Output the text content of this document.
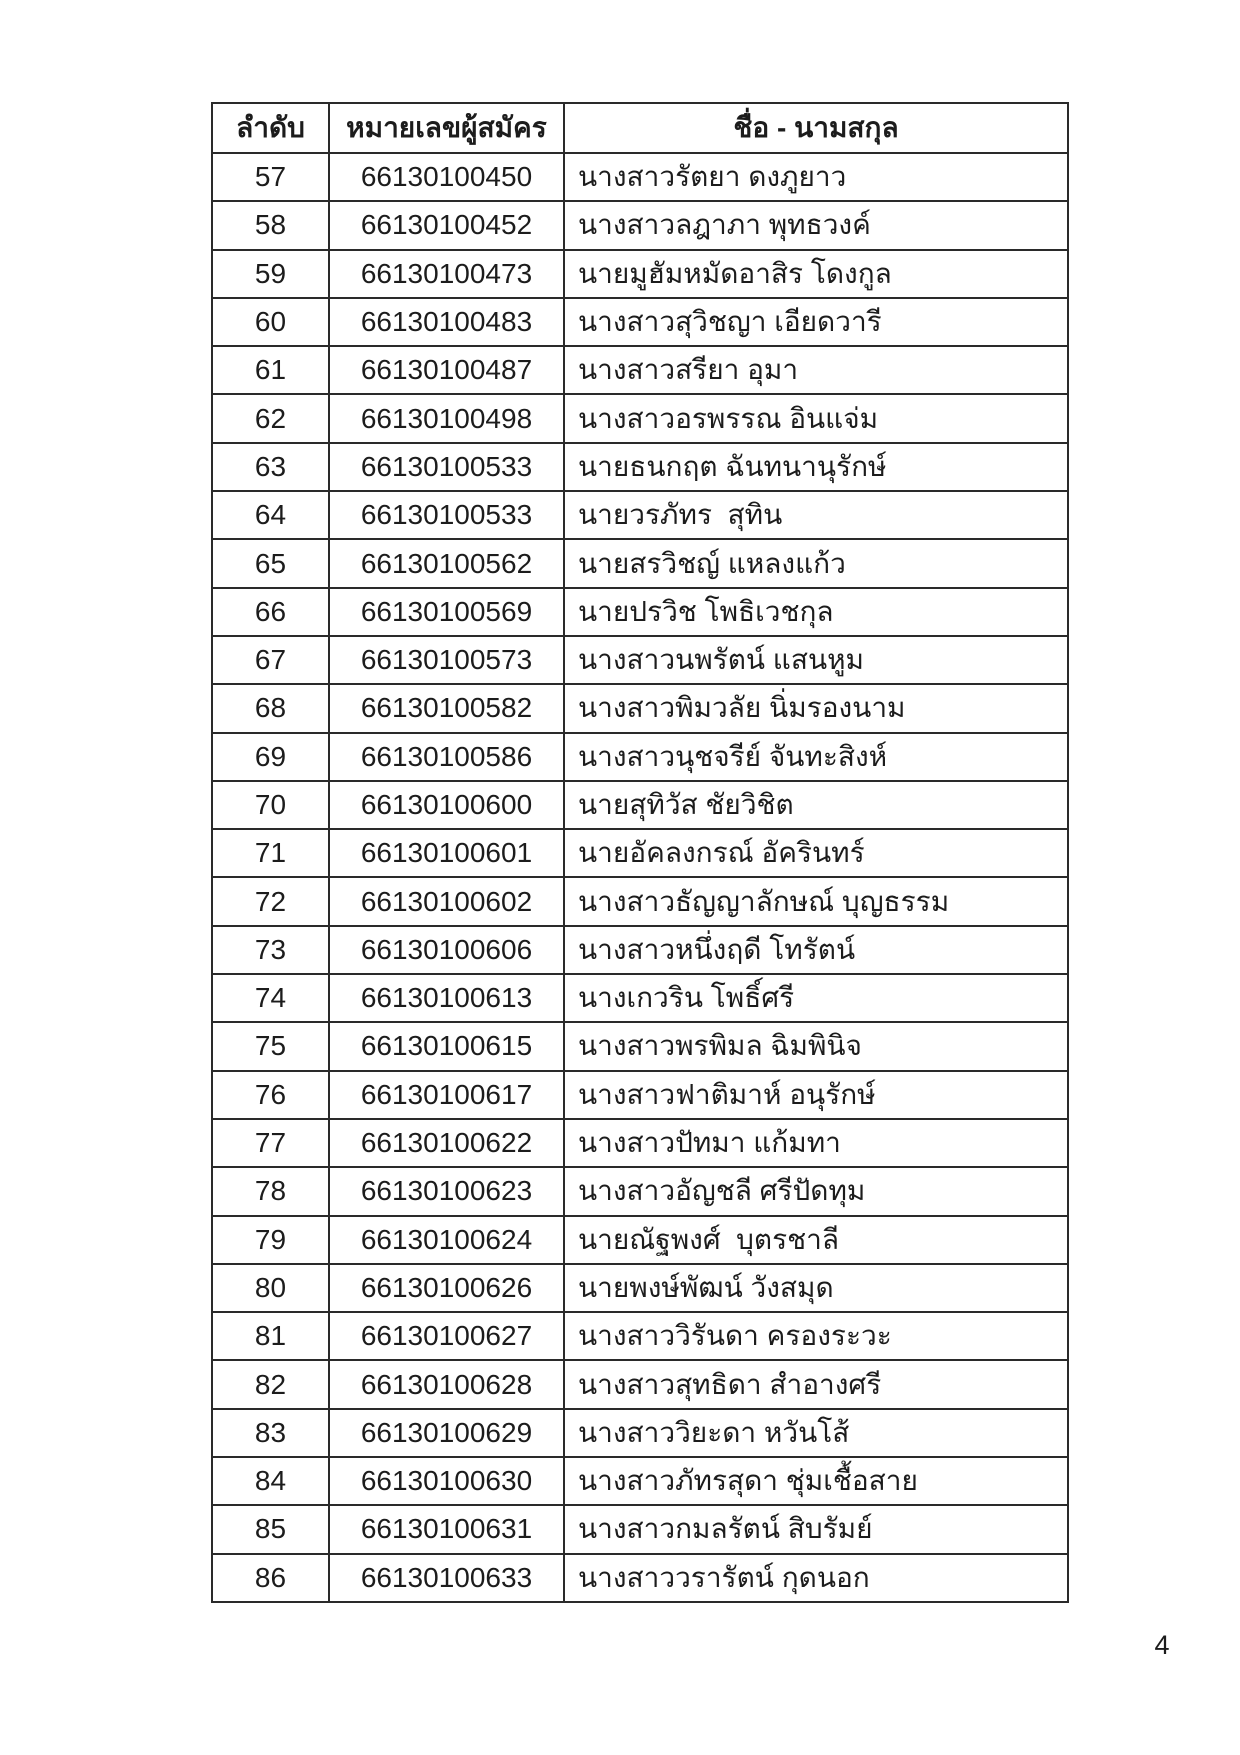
ลำดับ	หมายเลขผู้สมัคร	ชื่อ - นามสกุล
57	66130100450	นางสาวรัตยา ดงภูยาว
58	66130100452	นางสาวลฎาภา พุทธวงค์
59	66130100473	นายมูฮัมหมัดอาสิร โดงกูล
60	66130100483	นางสาวสุวิชญา เอียดวารี
61	66130100487	นางสาวสรียา อุมา
62	66130100498	นางสาวอรพรรณ อินแจ่ม
63	66130100533	นายธนกฤต ฉันทนานุรักษ์
64	66130100533	นายวรภัทร  สุทิน
65	66130100562	นายสรวิชญ์ แหลงแก้ว
66	66130100569	นายปรวิช โพธิเวชกุล
67	66130100573	นางสาวนพรัตน์ แสนหูม
68	66130100582	นางสาวพิมวลัย นิ่มรองนาม
69	66130100586	นางสาวนุชจรีย์ จันทะสิงห์
70	66130100600	นายสุทิวัส ชัยวิชิต
71	66130100601	นายอัคลงกรณ์ อัครินทร์
72	66130100602	นางสาวธัญญาลักษณ์ บุญธรรม
73	66130100606	นางสาวหนึ่งฤดี โทรัตน์
74	66130100613	นางเกวริน โพธิ์ศรี
75	66130100615	นางสาวพรพิมล ฉิมพินิจ
76	66130100617	นางสาวฟาติมาห์ อนุรักษ์
77	66130100622	นางสาวปัทมา แก้มทา
78	66130100623	นางสาวอัญชลี ศรีปัดทุม
79	66130100624	นายณัฐพงศ์  บุตรชาลี
80	66130100626	นายพงษ์พัฒน์ วังสมุด
81	66130100627	นางสาววิรันดา ครองระวะ
82	66130100628	นางสาวสุทธิดา สำอางศรี
83	66130100629	นางสาววิยะดา หวันโส้
84	66130100630	นางสาวภัทรสุดา ชุ่มเชื้อสาย
85	66130100631	นางสาวกมลรัตน์ สิบรัมย์
86	66130100633	นางสาววรารัตน์ กุดนอก
4
